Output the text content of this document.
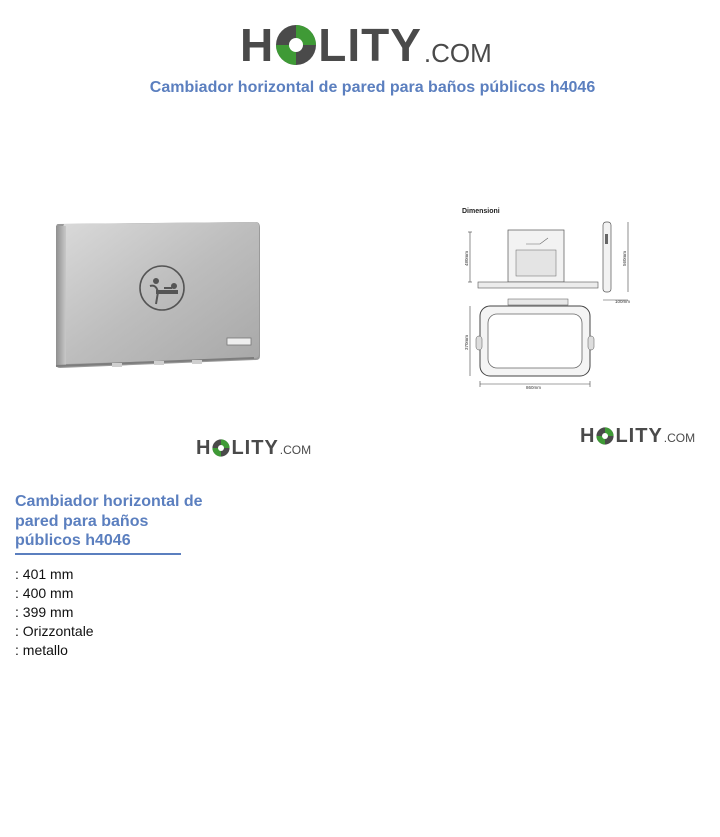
H LITY .COM
Cambiador horizontal de pared para baños públicos h4046
Dimensioni
480mm	560mm
100mm
370mm
860mm
H LITY .COM
H LITY .COM
Cambiador horizontal de pared para baños públicos h4046
: 401 mm
: 400 mm
: 399 mm
: Orizzontale
: metallo
